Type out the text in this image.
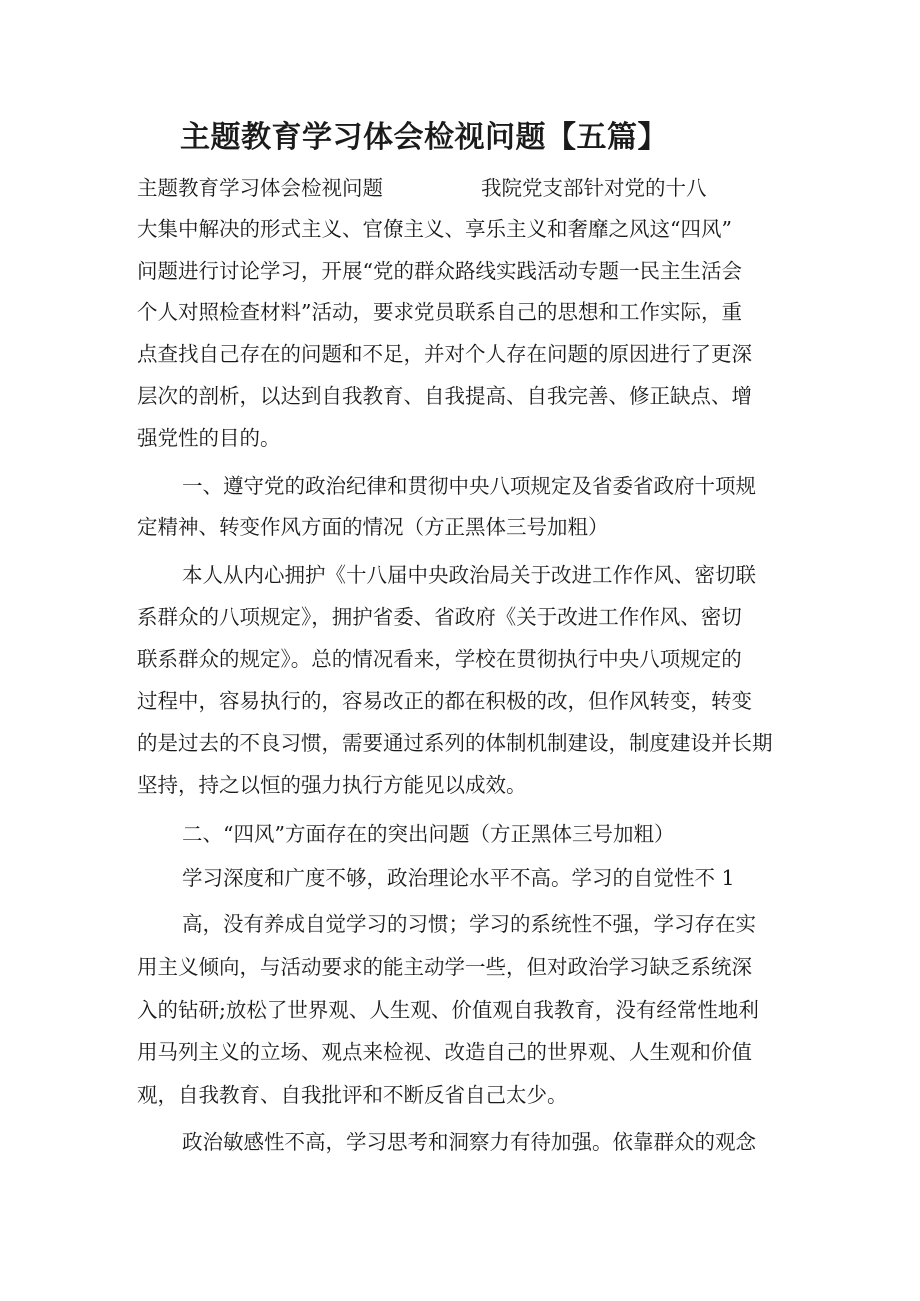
主题教育学习体会检视问题【五篇】

主题教育学习体会检视问题	我院党支部针对党的十八

大集中解决的形式主义、官僚主义、享乐主义和奢靡之风这“四风”

问题进行讨论学习，开展“党的群众路线实践活动专题一民主生活会

个人对照检查材料”活动，要求党员联系自己的思想和工作实际，重

点查找自己存在的问题和不足，并对个人存在问题的原因进行了更深

层次的剖析，以达到自我教育、自我提高、自我完善、修正缺点、增

强党性的目的。

一、遵守党的政治纪律和贯彻中央八项规定及省委省政府十项规

定精神、转变作风方面的情况（方正黑体三号加粗）

本人从内心拥护《十八届中央政治局关于改进工作作风、密切联

系群众的八项规定》，拥护省委、省政府《关于改进工作作风、密切

联系群众的规定》。总的情况看来，学校在贯彻执行中央八项规定的

过程中，容易执行的，容易改正的都在积极的改，但作风转变，转变

的是过去的不良习惯，需要通过系列的体制机制建设，制度建设并长期

坚持，持之以恒的强力执行方能见以成效。

二、“四风”方面存在的突出问题（方正黑体三号加粗）

学习深度和广度不够，政治理论水平不高。学习的自觉性不 1

高，没有养成自觉学习的习惯；学习的系统性不强，学习存在实

用主义倾向，与活动要求的能主动学一些，但对政治学习缺乏系统深

入的钻研;放松了世界观、人生观、价值观自我教育，没有经常性地利

用马列主义的立场、观点来检视、改造自己的世界观、人生观和价值

观，自我教育、自我批评和不断反省自己太少。

政治敏感性不高，学习思考和洞察力有待加强。依靠群众的观念
